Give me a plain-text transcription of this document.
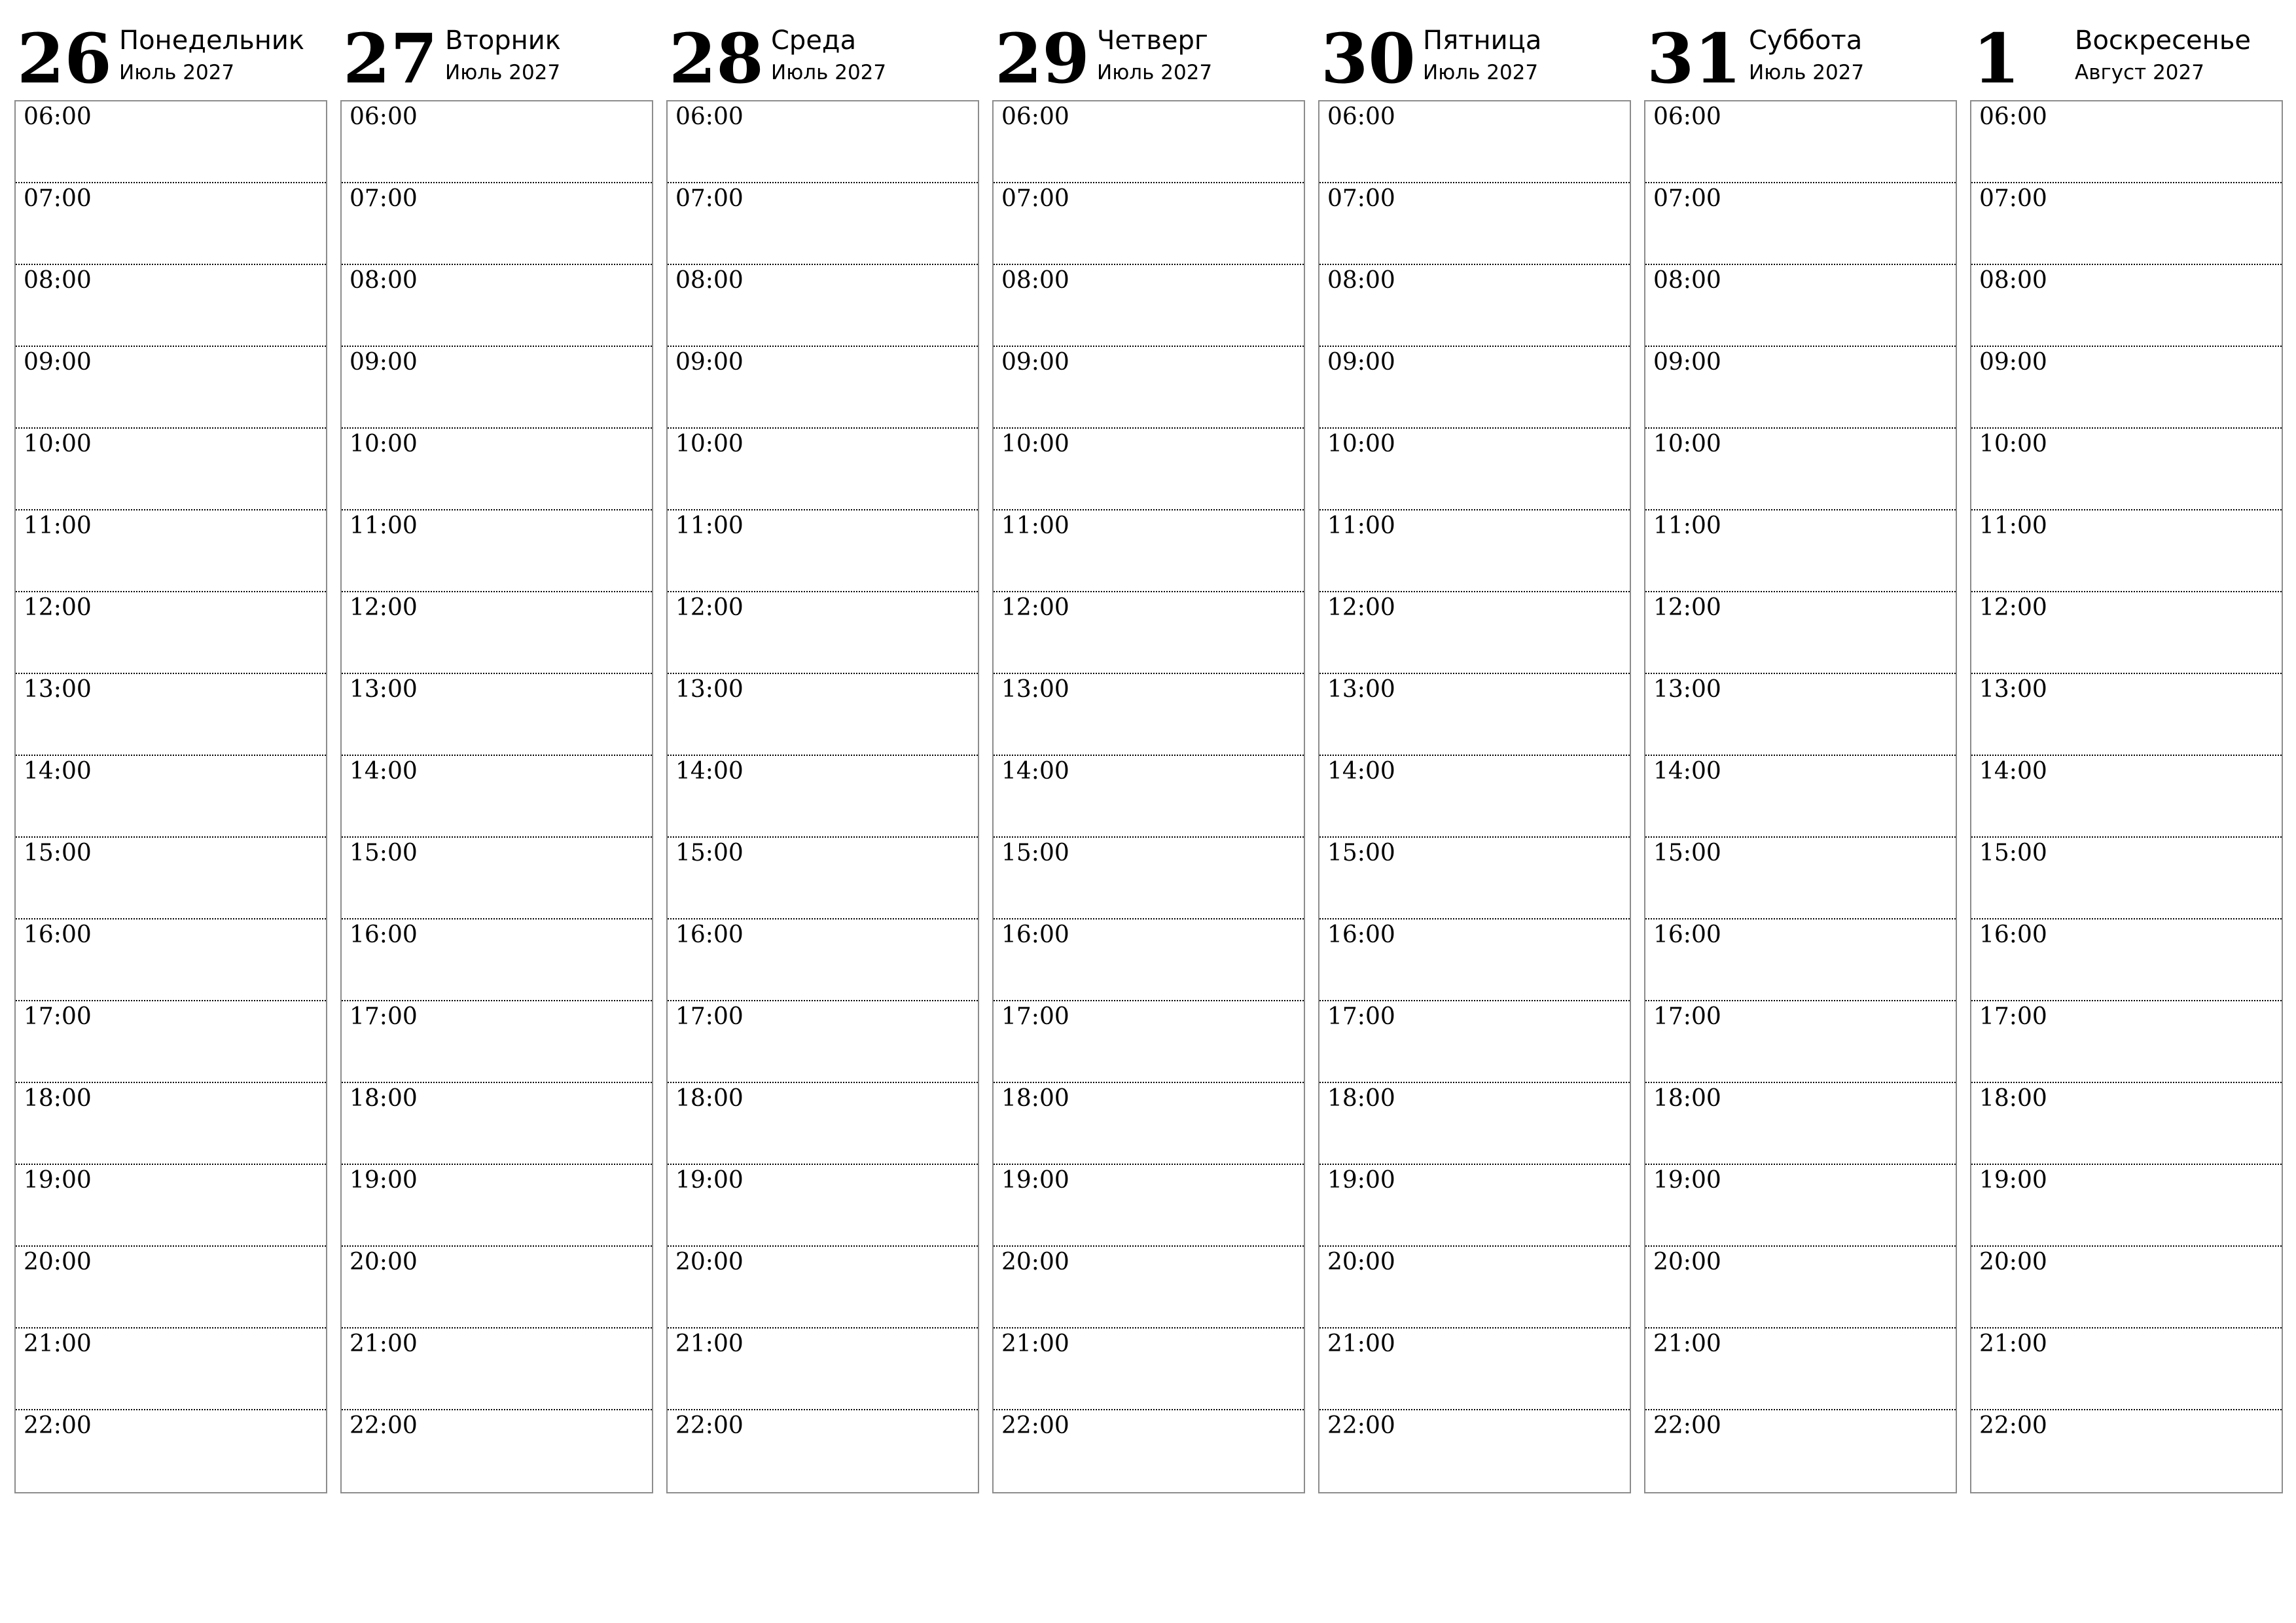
26 Понедельник
Июль 2027
06:00
07:00
08:00
09:00
10:00
11:00
12:00
13:00
14:00
15:00
16:00
17:00
18:00
19:00
20:00
21:00
22:00
27 Вторник
Июль 2027
06:00
07:00
08:00
09:00
10:00
11:00
12:00
13:00
14:00
15:00
16:00
17:00
18:00
19:00
20:00
21:00
22:00
28 Среда
Июль 2027
06:00
07:00
08:00
09:00
10:00
11:00
12:00
13:00
14:00
15:00
16:00
17:00
18:00
19:00
20:00
21:00
22:00
29 Четверг
Июль 2027
06:00
07:00
08:00
09:00
10:00
11:00
12:00
13:00
14:00
15:00
16:00
17:00
18:00
19:00
20:00
21:00
22:00
30 Пятница
Июль 2027
06:00
07:00
08:00
09:00
10:00
11:00
12:00
13:00
14:00
15:00
16:00
17:00
18:00
19:00
20:00
21:00
22:00
31 Суббота
Июль 2027
06:00
07:00
08:00
09:00
10:00
11:00
12:00
13:00
14:00
15:00
16:00
17:00
18:00
19:00
20:00
21:00
22:00
1 Воскресенье
Август 2027
06:00
07:00
08:00
09:00
10:00
11:00
12:00
13:00
14:00
15:00
16:00
17:00
18:00
19:00
20:00
21:00
22:00
